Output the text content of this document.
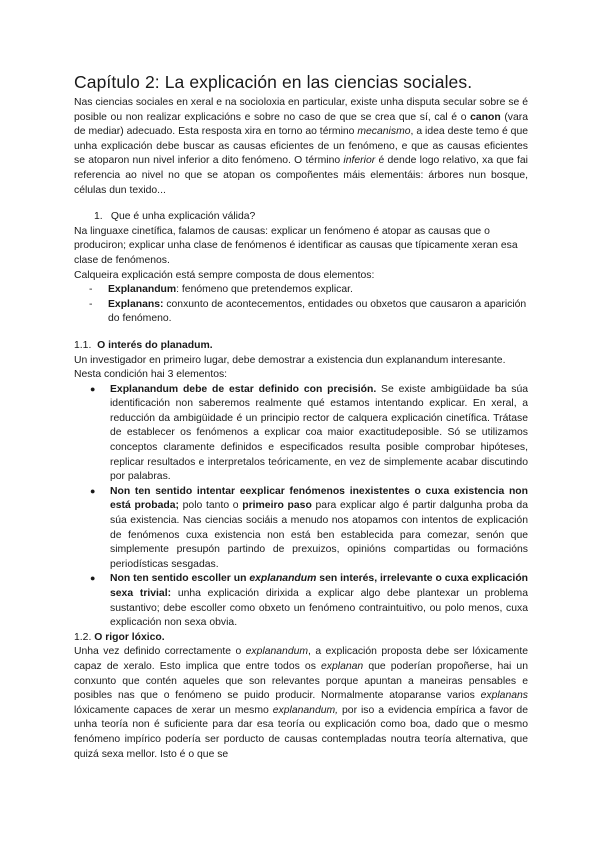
Capítulo 2: La explicación en las ciencias sociales.

Nas ciencias sociales en xeral e na socioloxia en particular, existe unha disputa secular sobre se é posible ou non realizar explicacións e sobre no caso de que se crea que sí, cal é o canon (vara de mediar) adecuado. Esta resposta xira en torno ao término mecanismo, a idea deste temo é que unha explicación debe buscar as causas eficientes de un fenómeno, e que as causas eficientes se atoparon nun nivel inferior a dito fenómeno. O término inferior é dende logo relativo, xa que fai referencia ao nivel no que se atopan os compoñentes máis elementáis: árbores nun bosque, células dun texido...

1. Que é unha explicación válida?

Na linguaxe cinetífica, falamos de causas: explicar un fenómeno é atopar as causas que o produciron; explicar unha clase de fenómenos é identificar as causas que típicamente xeran esa clase de fenómenos.

Calqueira explicación está sempre composta de dous elementos:

- Explanandum: fenómeno que pretendemos explicar.
- Explanans: conxunto de acontecementos, entidades ou obxetos que causaron a aparición do fenómeno.

1.1. O interés do planadum.

Un investigador en primeiro lugar, debe demostrar a existencia dun explanandum interesante. Nesta condición hai 3 elementos:

● Explanandum debe de estar definido con precisión. Se existe ambigüidade ba súa identificación non saberemos realmente qué estamos intentando explicar. En xeral, a reducción da ambigüidade é un principio rector de calquera explicación cinetífica. Trátase de establecer os fenómenos a explicar coa maior exactitudeposible. Só se utilizamos conceptos claramente definidos e especificados resulta posible comprobar hipóteses, replicar resultados e interpretalos teóricamente, en vez de simplemente acabar discutindo por palabras.
● Non ten sentido intentar eexplicar fenómenos inexistentes o cuxa existencia non está probada; polo tanto o primeiro paso para explicar algo é partir dalgunha proba da súa existencia. Nas ciencias sociáis a menudo nos atopamos con intentos de explicación de fenómenos cuxa existencia non está ben establecida para comezar, senón que simplemente presupón partindo de prexuizos, opinións compartidas ou formacións periodísticas sesgadas.
● Non ten sentido escoller un explanandum sen interés, irrelevante o cuxa explicación sexa trivial: unha explicación dirixida a explicar algo debe plantexar un problema sustantivo; debe escoller como obxeto un fenómeno contraintuitivo, ou polo menos, cuxa explicación non sexa obvia.

1.2. O rigor lóxico.

Unha vez definido correctamente o explanandum, a explicación proposta debe ser lóxicamente capaz de xeralo. Esto implica que entre todos os explanan que poderían propoñerse, hai un conxunto que contén aqueles que son relevantes porque apuntan a maneiras pensables e posibles nas que o fenómeno se puido producir. Normalmente atoparanse varios explanans lóxicamente capaces de xerar un mesmo explanandum, por iso a evidencia empírica a favor de unha teoría non é suficiente para dar esa teoría ou explicación como boa, dado que o mesmo fenómeno impírico podería ser porducto de causas contempladas noutra teoría alternativa, que quizá sexa mellor. Isto é o que se
